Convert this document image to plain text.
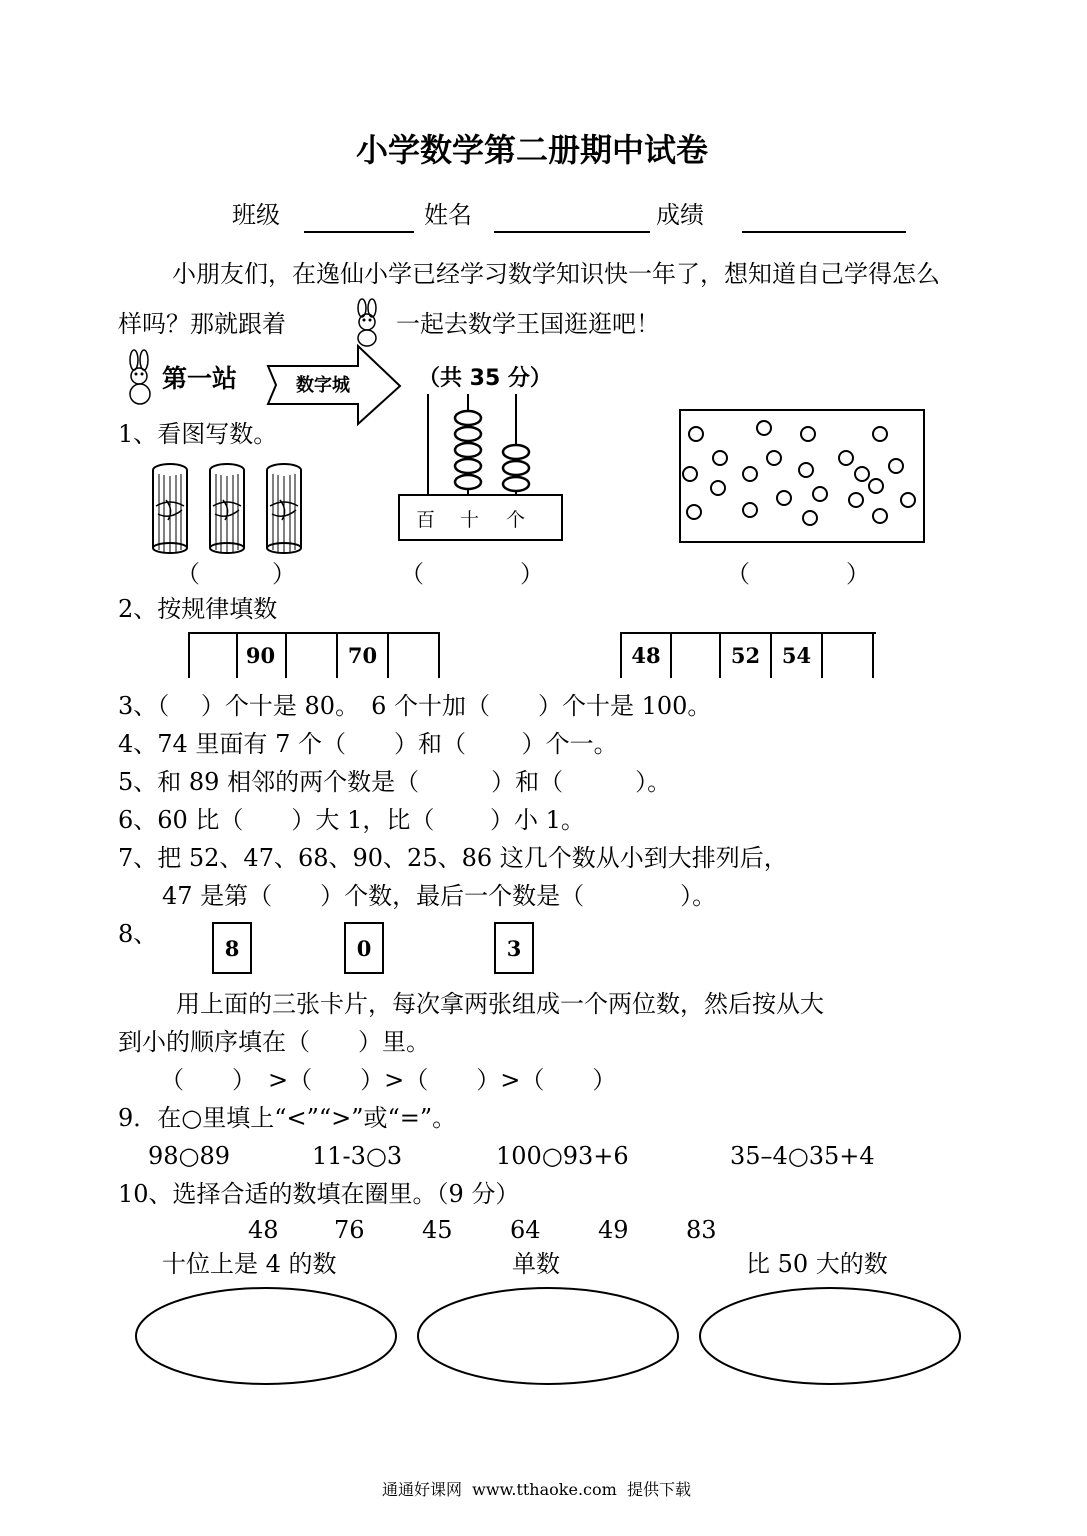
小学数学第二册期中试卷
班级	姓名	成绩
小朋友们，在逸仙小学已经学习数学知识快一年了，想知道自己学得怎么
样吗？那就跟着	一起去数学王国逛逛吧！
第一站	数字城	（共 35 分）
1、看图写数。
百 十 个
（　　　）	（　　　　）	（　　　　）
2、按规律填数
90	70	48	52	54
3、（　 ）个十是 80。　6 个十加（　　）个十是 100。
4、74 里面有 7 个（　　）和（　　 ）个一。
5、和 89 相邻的两个数是（　　　）和（　　　）。
6、60 比（　　）大 1，比（　　 ）小 1。
7、把 52、47、68、90、25、86 这几个数从小到大排列后，
47 是第（　　）个数，最后一个数是（　　　　）。
8、	8	0	3
用上面的三张卡片，每次拿两张组成一个两位数，然后按从大
到小的顺序填在（　　）里。
（　　）　>（　　）>（　　）>（　　）
9．在○里填上“<”“>”或“=”。
98○89	11-3○3	100○93+6	35–4○35+4
10、选择合适的数填在圈里。（9 分）
48 76 45 64 49 83
十位上是 4 的数	单数	比 50 大的数
通通好课网  www.tthaoke.com  提供下载
